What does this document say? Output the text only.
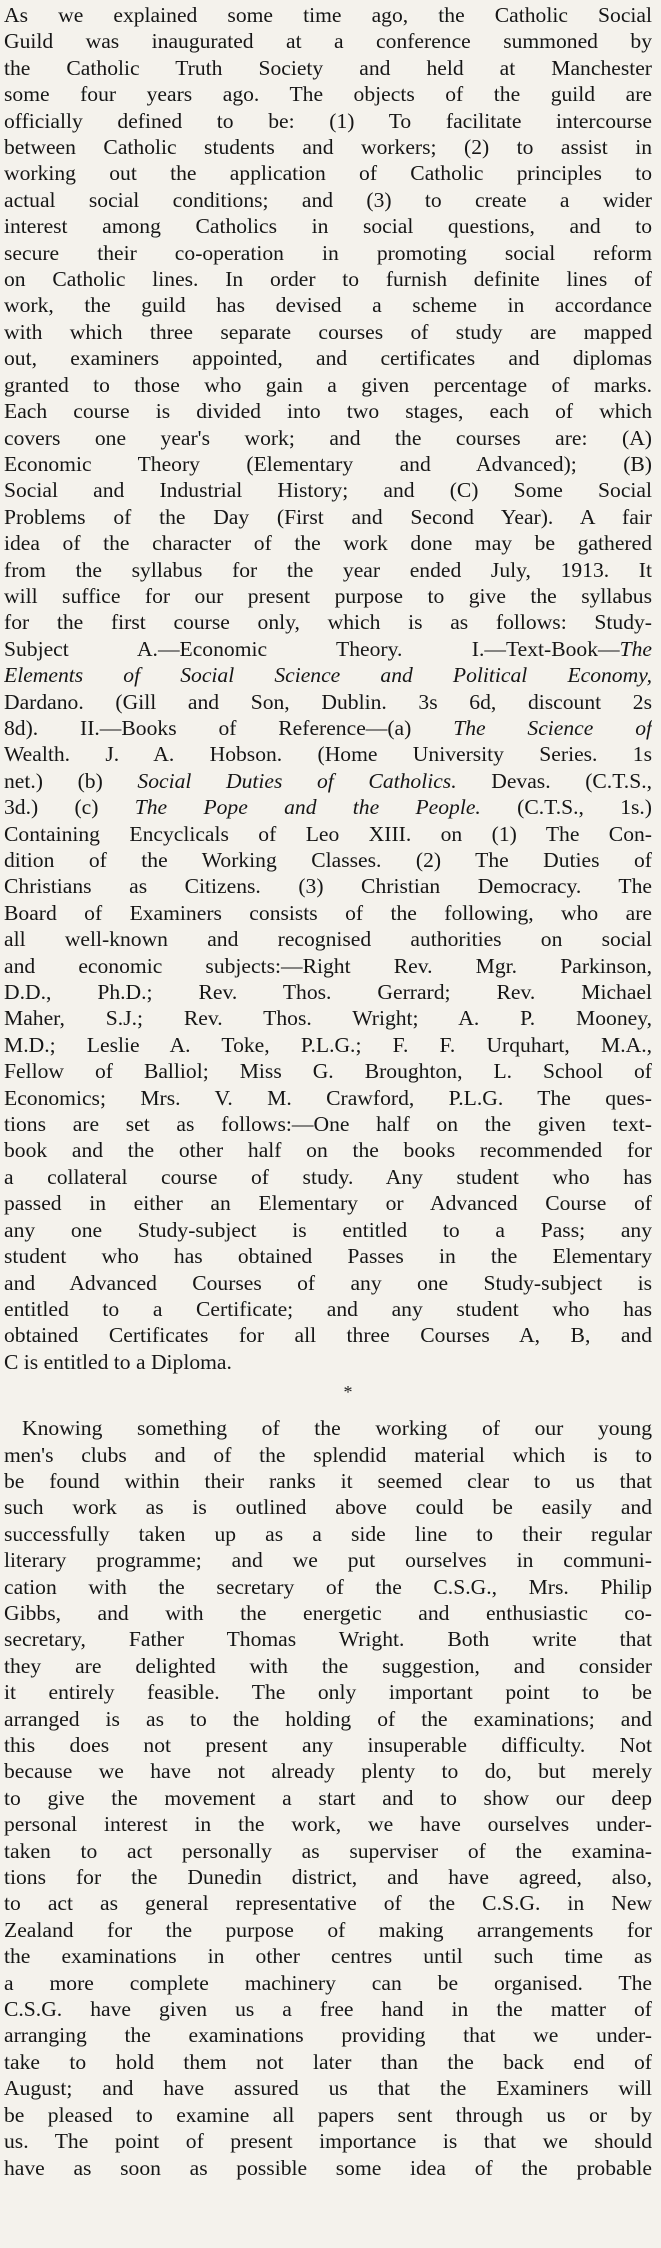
As we explained some time ago, the Catholic Social
Guild was inaugurated at a conference summoned by
the Catholic Truth Society and held at Manchester
some four years ago. The objects of the guild are
officially defined to be: (1) To facilitate intercourse
between Catholic students and workers; (2) to assist in
working out the application of Catholic principles to
actual social conditions; and (3) to create a wider
interest among Catholics in social questions, and to
secure their co-operation in promoting social reform
on Catholic lines. In order to furnish definite lines of
work, the guild has devised a scheme in accordance
with which three separate courses of study are mapped
out, examiners appointed, and certificates and diplomas
granted to those who gain a given percentage of marks.
Each course is divided into two stages, each of which
covers one year's work; and the courses are: (A)
Economic Theory (Elementary and Advanced); (B)
Social and Industrial History; and (C) Some Social
Problems of the Day (First and Second Year). A fair
idea of the character of the work done may be gathered
from the syllabus for the year ended July, 1913. It
will suffice for our present purpose to give the syllabus
for the first course only, which is as follows: Study-
Subject A.—Economic Theory. I.—Text-Book—The
Elements of Social Science and Political Economy,
Dardano. (Gill and Son, Dublin. 3s 6d, discount 2s
8d). II.—Books of Reference—(a) The Science of
Wealth. J. A. Hobson. (Home University Series. 1s
net.) (b) Social Duties of Catholics. Devas. (C.T.S.,
3d.) (c) The Pope and the People. (C.T.S., 1s.)
Containing Encyclicals of Leo XIII. on (1) The Con-
dition of the Working Classes. (2) The Duties of
Christians as Citizens. (3) Christian Democracy. The
Board of Examiners consists of the following, who are
all well-known and recognised authorities on social
and economic subjects:—Right Rev. Mgr. Parkinson,
D.D., Ph.D.; Rev. Thos. Gerrard; Rev. Michael
Maher, S.J.; Rev. Thos. Wright; A. P. Mooney,
M.D.; Leslie A. Toke, P.L.G.; F. F. Urquhart, M.A.,
Fellow of Balliol; Miss G. Broughton, L. School of
Economics; Mrs. V. M. Crawford, P.L.G. The ques-
tions are set as follows:—One half on the given text-
book and the other half on the books recommended for
a collateral course of study. Any student who has
passed in either an Elementary or Advanced Course of
any one Study-subject is entitled to a Pass; any
student who has obtained Passes in the Elementary
and Advanced Courses of any one Study-subject is
entitled to a Certificate; and any student who has
obtained Certificates for all three Courses A, B, and
C is entitled to a Diploma.
*
Knowing something of the working of our young
men's clubs and of the splendid material which is to
be found within their ranks it seemed clear to us that
such work as is outlined above could be easily and
successfully taken up as a side line to their regular
literary programme; and we put ourselves in communi-
cation with the secretary of the C.S.G., Mrs. Philip
Gibbs, and with the energetic and enthusiastic co-
secretary, Father Thomas Wright. Both write that
they are delighted with the suggestion, and consider
it entirely feasible. The only important point to be
arranged is as to the holding of the examinations; and
this does not present any insuperable difficulty. Not
because we have not already plenty to do, but merely
to give the movement a start and to show our deep
personal interest in the work, we have ourselves under-
taken to act personally as superviser of the examina-
tions for the Dunedin district, and have agreed, also,
to act as general representative of the C.S.G. in New
Zealand for the purpose of making arrangements for
the examinations in other centres until such time as
a more complete machinery can be organised. The
C.S.G. have given us a free hand in the matter of
arranging the examinations providing that we under-
take to hold them not later than the back end of
August; and have assured us that the Examiners will
be pleased to examine all papers sent through us or by
us. The point of present importance is that we should
have as soon as possible some idea of the probable
